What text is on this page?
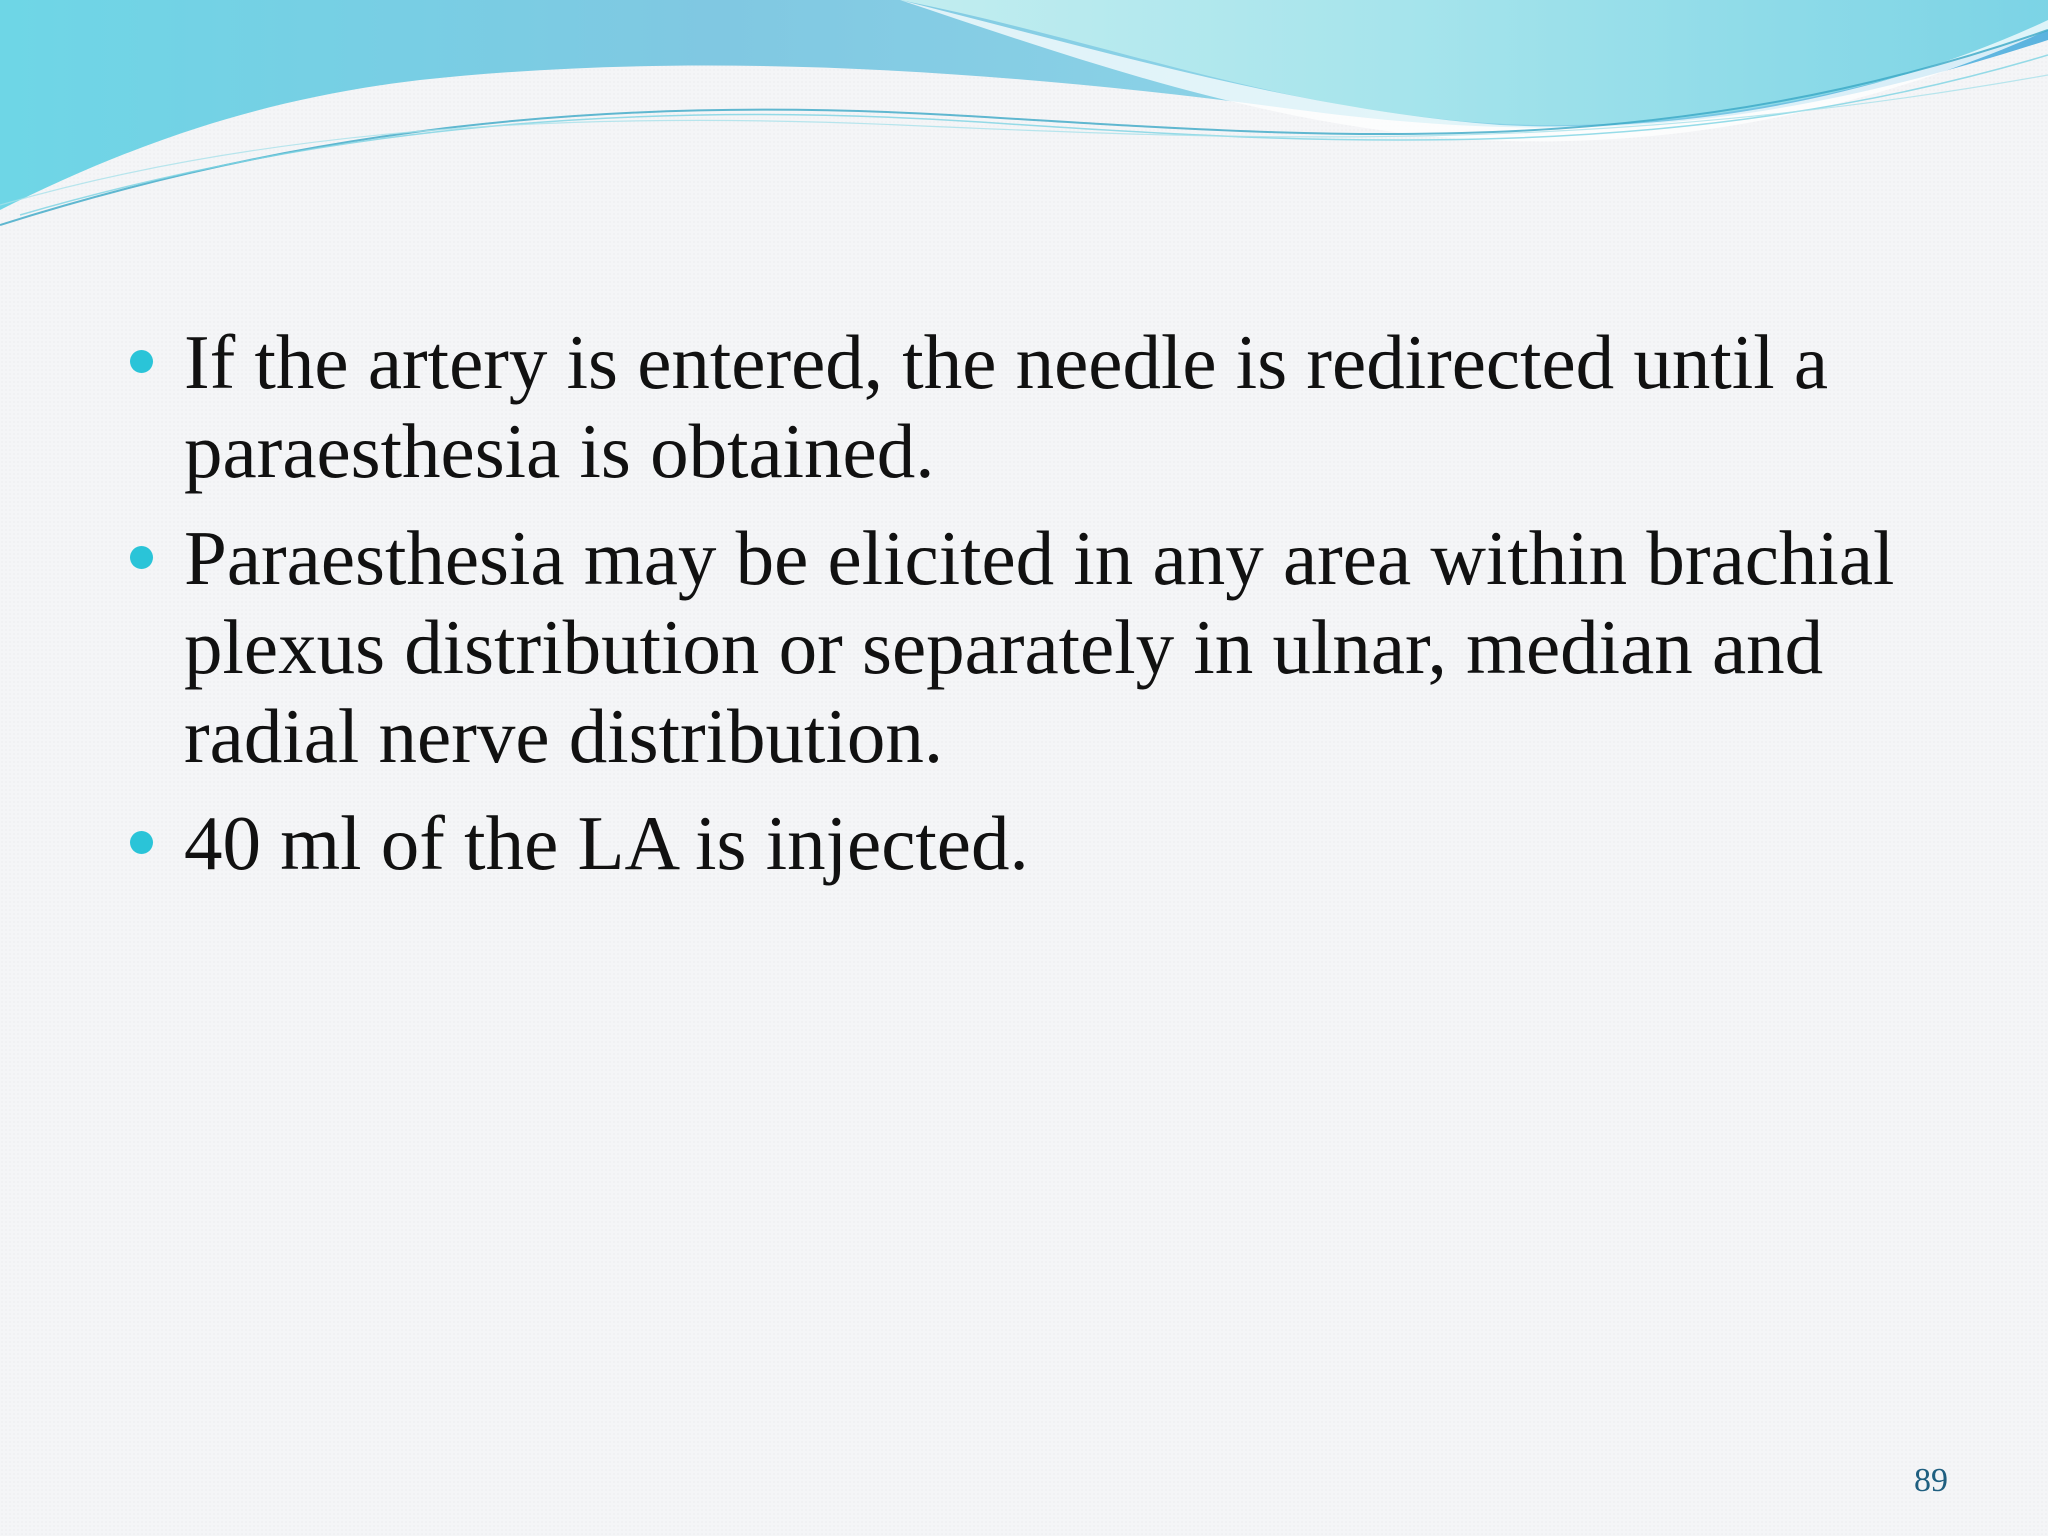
If the artery is entered, the needle is redirected until a paraesthesia is obtained.
Paraesthesia may be elicited in any area within brachial plexus distribution or separately in ulnar, median and radial nerve distribution.
40 ml of the LA is injected.
89
